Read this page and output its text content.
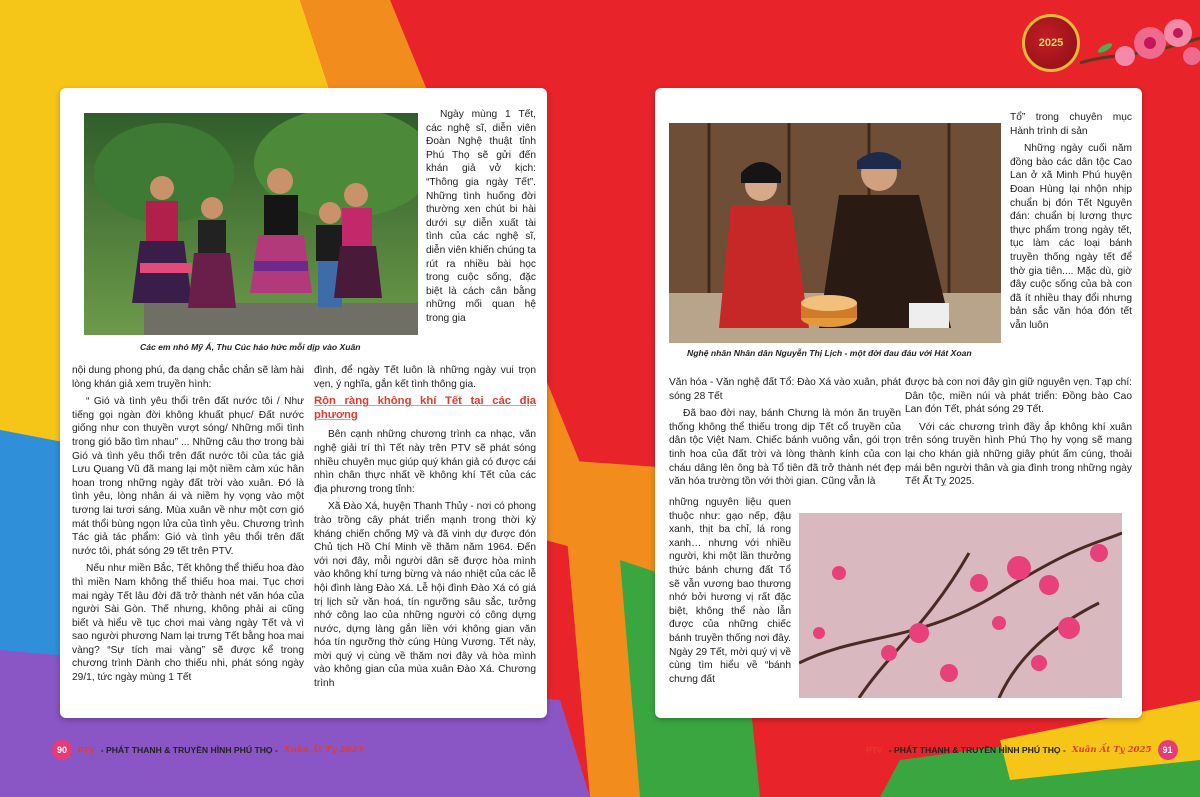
2025
Các em nhỏ Mỹ Á, Thu Cúc háo hức mỗi dịp vào Xuân

nội dung phong phú, đa dạng chắc chắn sẽ làm hài lòng khán giả xem truyền hình:

“ Gió và tình yêu thổi trên đất nước tôi / Như tiếng gọi ngàn đời không khuất phục/ Đất nước giống như con thuyền vượt sóng/ Những mối tình trong gió bão tìm nhau” ... Những câu thơ trong bài Gió và tình yêu thổi trên đất nước tôi của tác giả Lưu Quang Vũ đã mang lại một niềm cảm xúc hân hoan trong những ngày đất trời vào xuân. Đó là tình yêu, lòng nhân ái và niềm hy vọng vào một tương lai tươi sáng. Mùa xuân về như một cơn gió mát thổi bùng ngọn lửa của tình yêu. Chương trình Tác giả tác phẩm: Gió và tình yêu thổi trên đất nước tôi, phát sóng 29 tết trên PTV.

Nếu như miền Bắc, Tết không thể thiếu hoa đào thì miền Nam không thể thiếu hoa mai. Tục chơi mai ngày Tết lâu đời đã trở thành nét văn hóa của người Sài Gòn. Thế nhưng, không phải ai cũng biết và hiểu về tục chơi mai vàng ngày Tết và vì sao người phương Nam lại trưng Tết bằng hoa mai vàng? “Sự tích mai vàng” sẽ được kể trong chương trình Dành cho thiếu nhi, phát sóng ngày 29/1, tức ngày mùng 1 Tết

Ngày mùng 1 Tết, các nghệ sĩ, diễn viên Đoàn Nghệ thuật tỉnh Phú Thọ sẽ gửi đến khán giả vở kịch: “Thông gia ngày Tết”. Những tình huống đời thường xen chút bi hài dưới sự diễn xuất tài tình của các nghệ sĩ, diễn viên khiến chúng ta rút ra nhiều bài học trong cuộc sống, đặc biệt là cách cân bằng những mối quan hệ trong gia

đình, để ngày Tết luôn là những ngày vui trọn vẹn, ý nghĩa, gắn kết tình thông gia.

Rộn ràng không khí Tết tại các địa phương

Bên cạnh những chương trình ca nhạc, văn nghệ giải trí thì Tết này trên PTV sẽ phát sóng nhiều chuyên mục giúp quý khán giả có được cái nhìn chân thực nhất về không khí Tết của các địa phương trong tỉnh:

Xã Đào Xá, huyện Thanh Thủy - nơi có phong trào trồng cây phát triển mạnh trong thời kỳ kháng chiến chống Mỹ và đã vinh dự được đón Chủ tịch Hồ Chí Minh về thăm năm 1964. Đến với nơi đây, mỗi người dân sẽ được hòa mình vào không khí tưng bừng và náo nhiệt của các lễ hội đình làng Đào Xá. Lễ hội đình Đào Xá có giá trị lịch sử văn hoá, tín ngưỡng sâu sắc, tưởng nhớ công lao của những người có công dựng nước, dựng làng gắn liền với không gian văn hóa tín ngưỡng thờ cúng Hùng Vương. Tết này, mời quý vị cùng về thăm nơi đây và hòa mình vào không gian của mùa xuân Đào Xá. Chương trình

Nghệ nhân Nhân dân Nguyễn Thị Lịch - một đời đau đáu với Hát Xoan

Tổ” trong chuyên mục Hành trình di sản

Những ngày cuối năm đồng bào các dân tộc Cao Lan ở xã Minh Phú huyện Đoan Hùng lại nhộn nhịp chuẩn bị đón Tết Nguyên đán: chuẩn bị lương thực thực phẩm trong ngày tết, tục làm các loại bánh truyền thống ngày tết để thờ gia tiên.... Mặc dù, giờ đây cuộc sống của bà con đã ít nhiều thay đổi nhưng bản sắc văn hóa đón tết vẫn luôn

Văn hóa - Văn nghệ đất Tổ: Đào Xá vào xuân, phát sóng 28 Tết

Đã bao đời nay, bánh Chưng là món ăn truyền thống không thể thiếu trong dịp Tết cổ truyền của dân tộc Việt Nam. Chiếc bánh vuông vắn, gói trọn tinh hoa của đất trời và lòng thành kính của con cháu dâng lên ông bà Tổ tiên đã trở thành nét đẹp văn hóa trường tồn với thời gian. Cũng vẫn là

những nguyên liệu quen thuộc như: gạo nếp, đậu xanh, thịt ba chỉ, lá rong xanh… nhưng với nhiều người, khi một lần thưởng thức bánh chưng đất Tổ sẽ vẫn vương bao thương nhớ bởi hương vị rất đặc biệt, không thể nào lẫn được của những chiếc bánh truyền thống nơi đây. Ngày 29 Tết, mời quý vị về cùng tìm hiểu về “bánh chưng đất

được bà con nơi đây gìn giữ nguyên vẹn. Tạp chí: Dân tộc, miền núi và phát triển: Đồng bào Cao Lan đón Tết, phát sóng 29 Tết.

Với các chương trình đầy ắp không khí xuân trên sóng truyền hình Phú Thọ hy vọng sẽ mang lại cho khán giả những giây phút ấm cúng, thoải mái bên người thân và gia đình trong những ngày Tết Ất Tỵ 2025.

90	PTV - PHÁT THANH & TRUYỀN HÌNH PHÚ THỌ - Xuân Ất Tỵ 2025	PTV - PHÁT THANH & TRUYỀN HÌNH PHÚ THỌ - Xuân Ất Tỵ 2025	91
